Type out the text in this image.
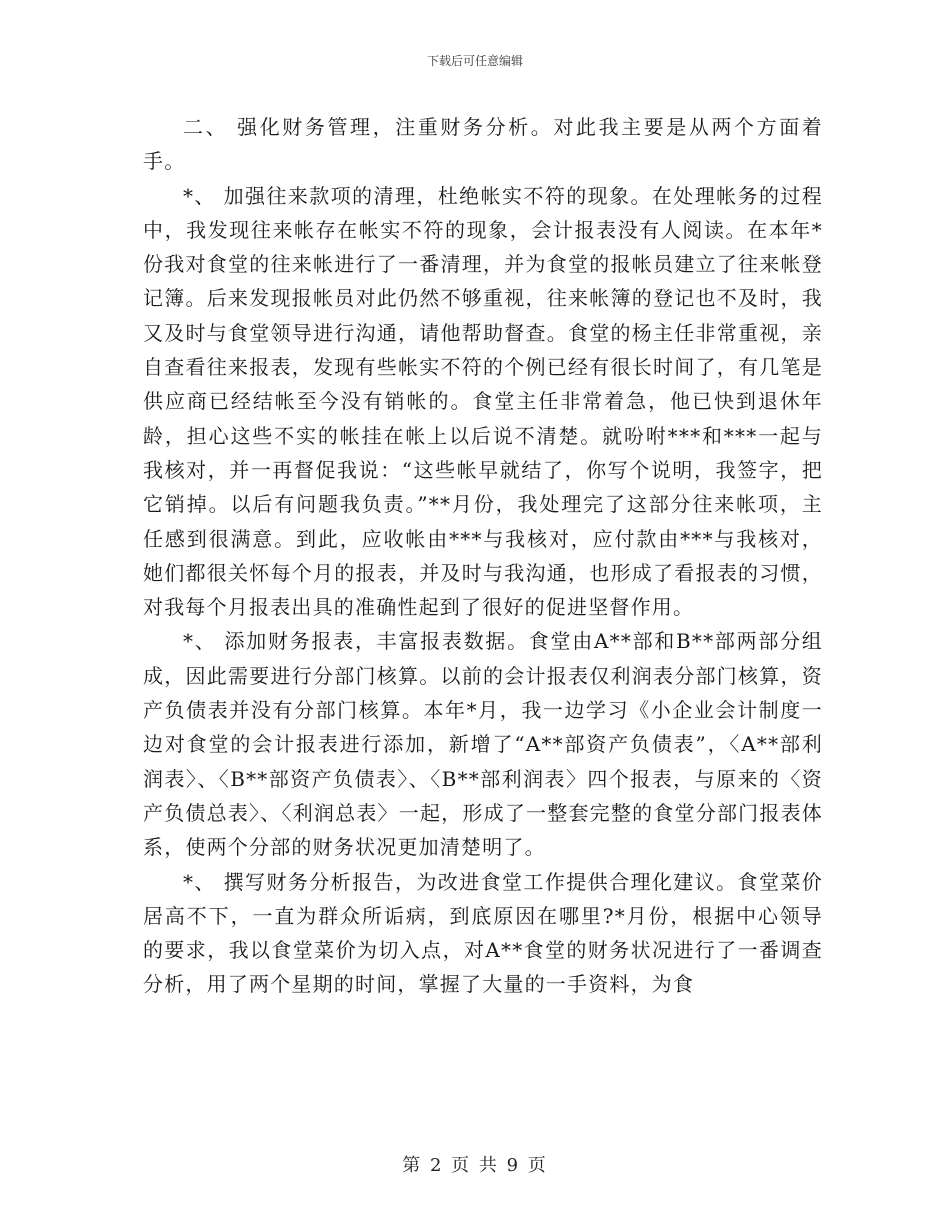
下载后可任意编辑

二、 强化财务管理，注重财务分析。对此我主要是从两个方面着手。

*、 加强往来款项的清理，杜绝帐实不符的现象。在处理帐务的过程中，我发现往来帐存在帐实不符的现象，会计报表没有人阅读。在本年*份我对食堂的往来帐进行了一番清理，并为食堂的报帐员建立了往来帐登记簿。后来发现报帐员对此仍然不够重视，往来帐簿的登记也不及时，我又及时与食堂领导进行沟通，请他帮助督查。食堂的杨主任非常重视，亲自查看往来报表，发现有些帐实不符的个例已经有很长时间了，有几笔是供应商已经结帐至今没有销帐的。食堂主任非常着急，他已快到退休年龄，担心这些不实的帐挂在帐上以后说不清楚。就吩咐***和***一起与我核对，并一再督促我说：“这些帐早就结了，你写个说明，我签字，把它销掉。以后有问题我负责。”**月份，我处理完了这部分往来帐项，主任感到很满意。到此，应收帐由***与我核对，应付款由***与我核对，她们都很关怀每个月的报表，并及时与我沟通，也形成了看报表的习惯，对我每个月报表出具的准确性起到了很好的促进坚督作用。

*、 添加财务报表，丰富报表数据。食堂由A**部和B**部两部分组成，因此需要进行分部门核算。以前的会计报表仅利润表分部门核算，资产负债表并没有分部门核算。本年*月，我一边学习《小企业会计制度一边对食堂的会计报表进行添加，新增了“A**部资产负债表”，〈A**部利润表〉、〈B**部资产负债表〉、〈B**部利润表〉四个报表，与原来的〈资产负债总表〉、〈利润总表〉一起，形成了一整套完整的食堂分部门报表体系，使两个分部的财务状况更加清楚明了。

*、 撰写财务分析报告，为改进食堂工作提供合理化建议。食堂菜价居高不下，一直为群众所诟病，到底原因在哪里?*月份，根据中心领导的要求，我以食堂菜价为切入点，对A**食堂的财务状况进行了一番调查分析，用了两个星期的时间，掌握了大量的一手资料，为食

第 2 页 共 9 页
